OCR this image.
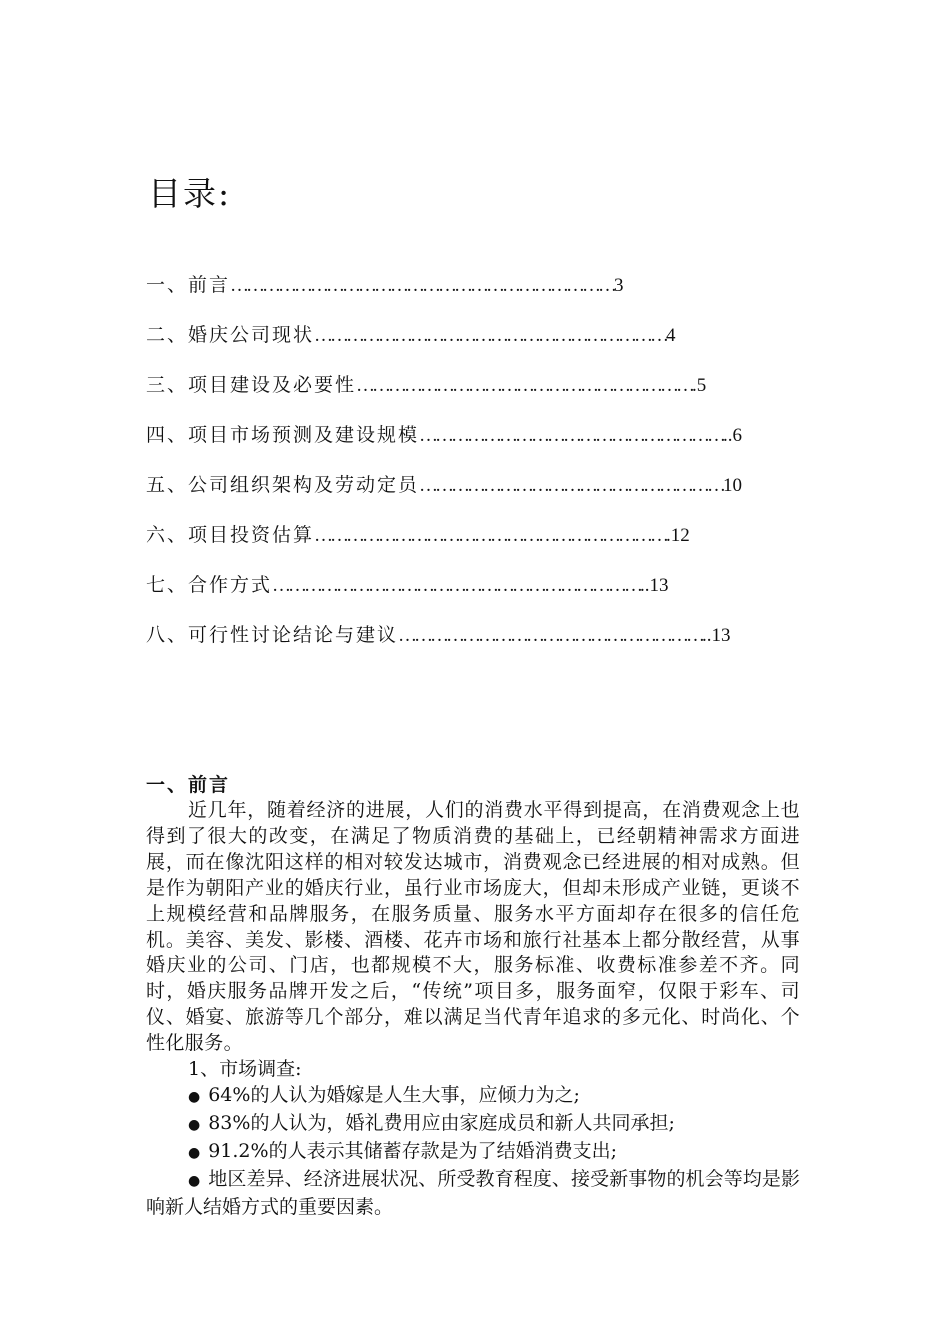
目录:
一、前言 ……………………………………………………………… 3
二、婚庆公司现状 ………………………………………………………… 4
三、项目建设及必要性 ……………………………………………………… .5
四、项目市场预测及建设规模 ………………………………………………… ..6
五、公司组织架构及劳动定员 ………………………………………………… 10
六、项目投资估算 ………………………………………………………… .12
七、合作方式 …………………………………………………………… ..13
八、可行性讨论结论与建议 ………………………………………………… ..13
一、前言

近几年，随着经济的进展，人们的消费水平得到提高，在消费观念上也得到了很大的改变，在满足了物质消费的基础上，已经朝精神需求方面进展，而在像沈阳这样的相对较发达城市，消费观念已经进展的相对成熟。但是作为朝阳产业的婚庆行业，虽行业市场庞大，但却未形成产业链，更谈不上规模经营和品牌服务，在服务质量、服务水平方面却存在很多的信任危机。美容、美发、影楼、酒楼、花卉市场和旅行社基本上都分散经营，从事婚庆业的公司、门店，也都规模不大，服务标准、收费标准参差不齐。同时，婚庆服务品牌开发之后，“传统”项目多，服务面窄，仅限于彩车、司仪、婚宴、旅游等几个部分，难以满足当代青年追求的多元化、时尚化、个性化服务。

1、市场调查:

● 64%的人认为婚嫁是人生大事，应倾力为之;
● 83%的人认为，婚礼费用应由家庭成员和新人共同承担;
● 91.2%的人表示其储蓄存款是为了结婚消费支出;
● 地区差异、经济进展状况、所受教育程度、接受新事物的机会等均是影响新人结婚方式的重要因素。
